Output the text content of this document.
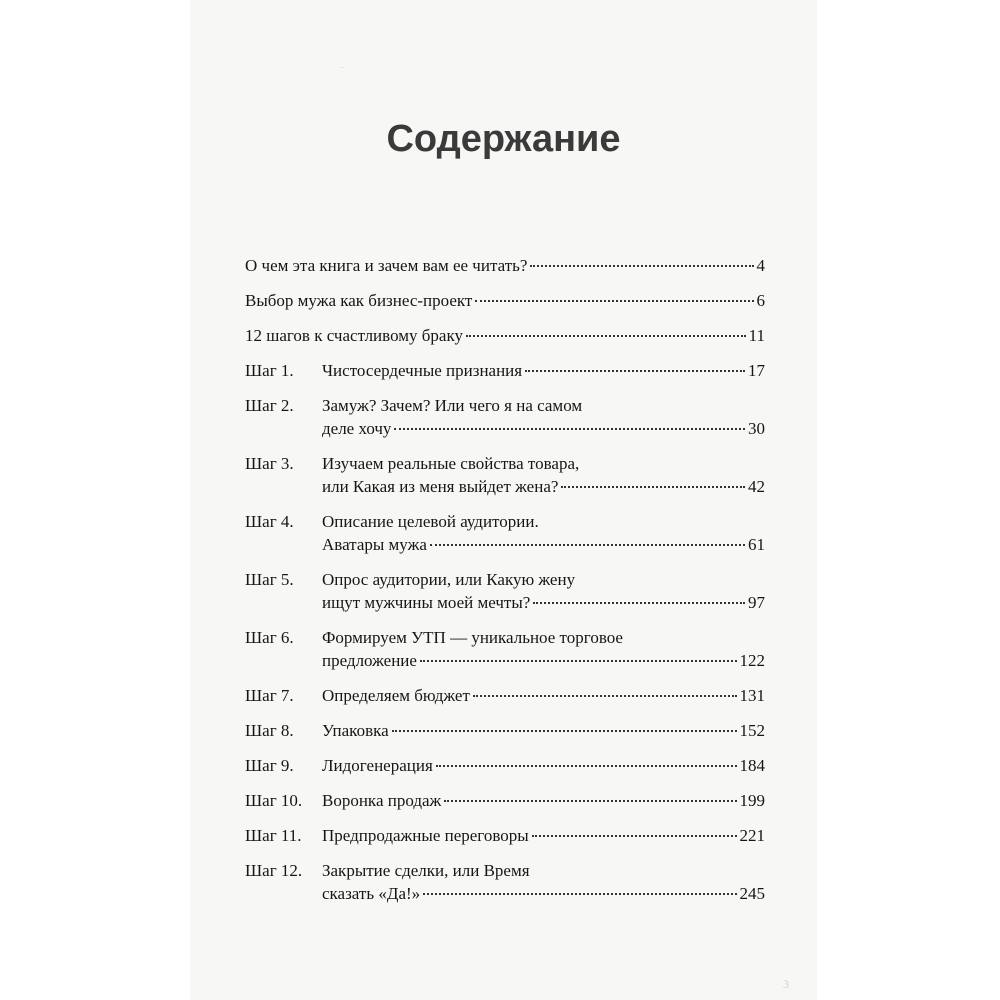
Содержание
О чем эта книга и зачем вам ее читать?	4
Выбор мужа как бизнес-проект	6
12 шагов к счастливому браку	11
Шаг 1.	Чистосердечные признания	17
Шаг 2.	Замуж? Зачем? Или чего я на самом
деле хочу	30
Шаг 3.	Изучаем реальные свойства товара,
или Какая из меня выйдет жена?	42
Шаг 4.	Описание целевой аудитории.
Аватары мужа	61
Шаг 5.	Опрос аудитории, или Какую жену
ищут мужчины моей мечты?	97
Шаг 6.	Формируем УТП — уникальное торговое
предложение	122
Шаг 7.	Определяем бюджет	131
Шаг 8.	Упаковка	152
Шаг 9.	Лидогенерация	184
Шаг 10.	Воронка продаж	199
Шаг 11.	Предпродажные переговоры	221
Шаг 12.	Закрытие сделки, или Время
сказать «Да!»	245
3
